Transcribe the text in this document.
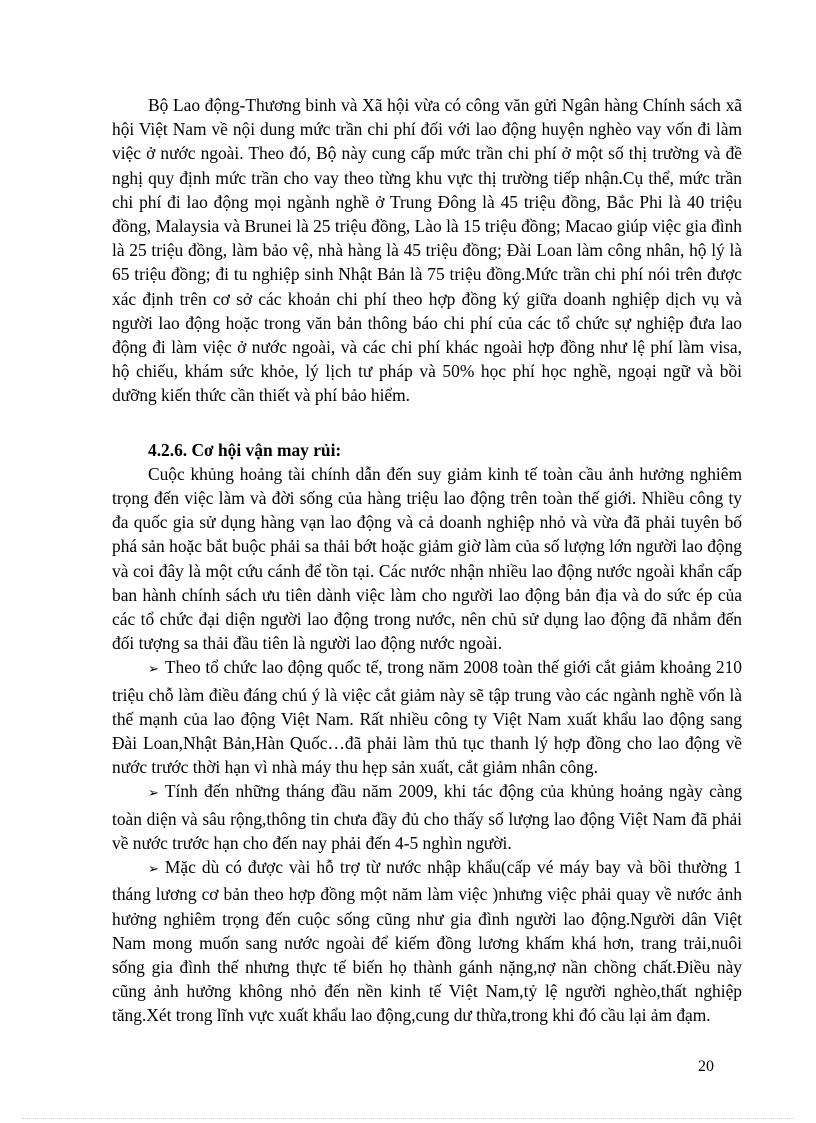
Bộ Lao động-Thương binh và Xã hội vừa có công văn gửi Ngân hàng Chính sách xã hội Việt Nam về nội dung mức trần chi phí đối với lao động huyện nghèo vay vốn đi làm việc ở nước ngoài. Theo đó, Bộ này cung cấp mức trần chi phí ở một số thị trường và đề nghị quy định mức trần cho vay theo từng khu vực thị trường tiếp nhận.Cụ thể, mức trần chi phí đi lao động mọi ngành nghề ở Trung Đông là 45 triệu đồng, Bắc Phi là 40 triệu đồng, Malaysia và Brunei là 25 triệu đồng, Lào là 15 triệu đồng; Macao giúp việc gia đình là 25 triệu đồng, làm bảo vệ, nhà hàng là 45 triệu đồng; Đài Loan làm công nhân, hộ lý là 65 triệu đồng; đi tu nghiệp sinh Nhật Bản là 75 triệu đồng.Mức trần chi phí nói trên được xác định trên cơ sở các khoản chi phí theo hợp đồng ký giữa doanh nghiệp dịch vụ và người lao động hoặc trong văn bản thông báo chi phí của các tổ chức sự nghiệp đưa lao động đi làm việc ở nước ngoài, và các chi phí khác ngoài hợp đồng như lệ phí làm visa, hộ chiếu, khám sức khỏe, lý lịch tư pháp và 50% học phí học nghề, ngoại ngữ và bồi dưỡng kiến thức cần thiết và phí bảo hiểm.

4.2.6. Cơ hội vận may rủi:

Cuộc khủng hoảng tài chính dẫn đến suy giảm kinh tế toàn cầu ảnh hưởng nghiêm trọng đến việc làm và đời sống của hàng triệu lao động trên toàn thế giới. Nhiều công ty đa quốc gia sử dụng hàng vạn lao động và cả doanh nghiệp nhỏ và vừa đã phải tuyên bố phá sản hoặc bắt buộc phải sa thải bớt hoặc giảm giờ làm của số lượng lớn người lao động và coi đây là một cứu cánh để tồn tại. Các nước nhận nhiều lao động nước ngoài khẩn cấp ban hành chính sách ưu tiên dành việc làm cho người lao động bản địa và do sức ép của các tổ chức đại diện người lao động trong nước, nên chủ sử dụng lao động đã nhắm đến đối tượng sa thải đầu tiên là người lao động nước ngoài.

➢ Theo tổ chức lao động quốc tế, trong năm 2008 toàn thế giới cắt giảm khoảng 210 triệu chỗ làm điều đáng chú ý là việc cắt giảm này sẽ tập trung vào các ngành nghề vốn là thế mạnh của lao động Việt Nam. Rất nhiều công ty Việt Nam xuất khẩu lao động sang Đài Loan,Nhật Bản,Hàn Quốc…đã phải làm thủ tục thanh lý hợp đồng cho lao động về nước trước thời hạn vì nhà máy thu hẹp sản xuất, cắt giảm nhân công.

➢ Tính đến những tháng đầu năm 2009, khi tác động của khủng hoảng ngày càng toàn diện và sâu rộng,thông tin chưa đầy đủ cho thấy số lượng lao động Việt Nam đã phải về nước trước hạn cho đến nay phải đến 4-5 nghìn người.

➢ Mặc dù có được vài hỗ trợ từ nước nhập khẩu(cấp vé máy bay và bồi thường 1 tháng lương cơ bản theo hợp đồng một năm làm việc )nhưng việc phải quay về nước ảnh hưởng nghiêm trọng đến cuộc sống cũng như gia đình người lao động.Người dân Việt Nam mong muốn sang nước ngoài để kiếm đồng lương khấm khá hơn, trang trải,nuôi sống gia đình thế nhưng thực tế biến họ thành gánh nặng,nợ nần chồng chất.Điều này cũng ảnh hưởng không nhỏ đến nền kinh tế Việt Nam,tỷ lệ người nghèo,thất nghiệp tăng.Xét trong lĩnh vực xuất khẩu lao động,cung dư thừa,trong khi đó cầu lại ảm đạm.

20
